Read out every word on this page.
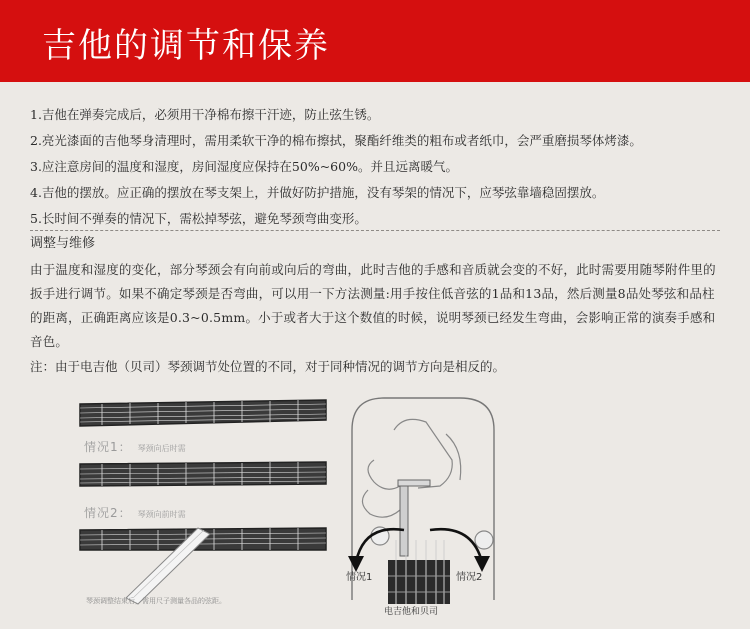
吉他的调节和保养
1.吉他在弹奏完成后，必须用干净棉布擦干汗迹，防止弦生锈。
2.亮光漆面的吉他琴身清理时，需用柔软干净的棉布擦拭，聚酯纤维类的粗布或者纸巾，会严重磨损琴体烤漆。
3.应注意房间的温度和湿度，房间湿度应保持在50%~60%。并且远离暖气。
4.吉他的摆放。应正确的摆放在琴支架上，并做好防护措施，没有琴架的情况下，应琴弦靠墙稳固摆放。
5.长时间不弹奏的情况下，需松掉琴弦，避免琴颈弯曲变形。
调整与维修
由于温度和湿度的变化，部分琴颈会有向前或向后的弯曲，此时吉他的手感和音质就会变的不好，此时需要用随琴附件里的扳手进行调节。如果不确定琴颈是否弯曲，可以用一下方法测量:用手按住低音弦的1品和13品，然后测量8品处琴弦和品柱的距离，正确距离应该是0.3~0.5mm。小于或者大于这个数值的时候，说明琴颈已经发生弯曲，会影响正常的演奏手感和音色。
注：由于电吉他（贝司）琴颈调节处位置的不同，对于同种情况的调节方向是相反的。
情况1： 琴颈向后时需
情况2： 琴颈向前时需
琴颈调整结束后，需用尺子测量各品的弦距。
情况1	情况2
电吉他和贝司
